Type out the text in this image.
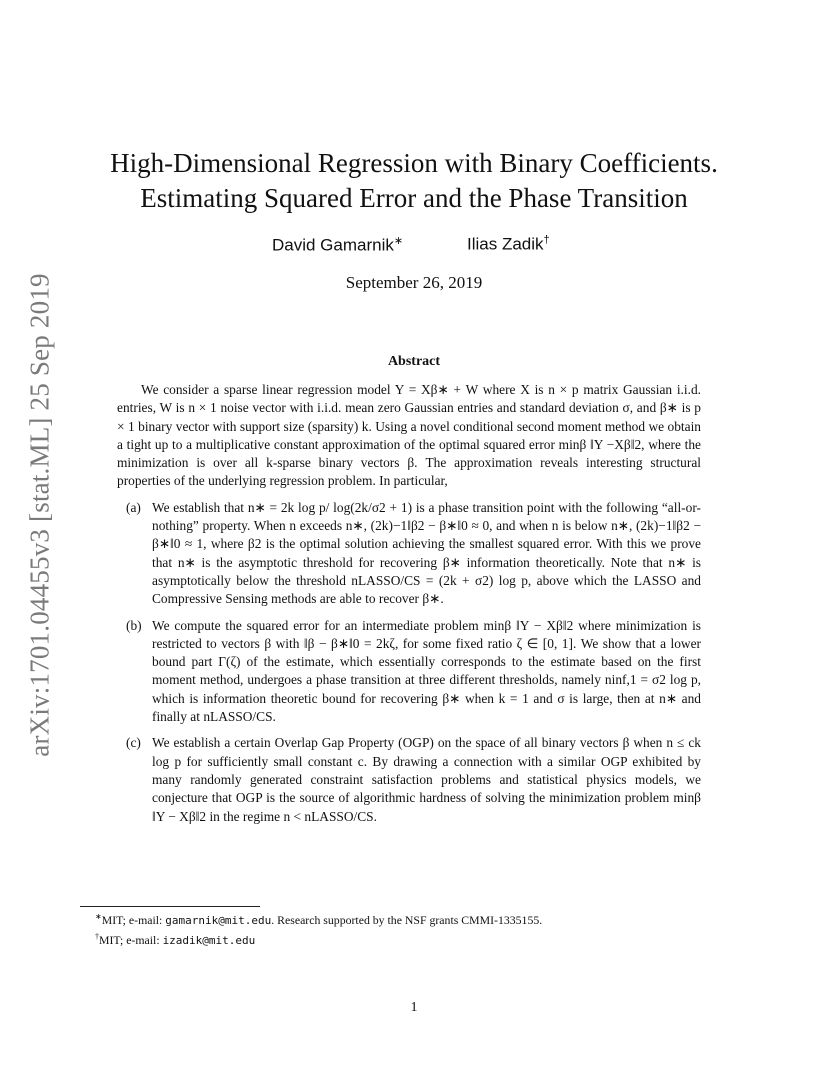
arXiv:1701.04455v3 [stat.ML] 25 Sep 2019
High-Dimensional Regression with Binary Coefficients.
Estimating Squared Error and the Phase Transition
David Gamarnik∗	Ilias Zadik†
September 26, 2019
Abstract

We consider a sparse linear regression model Y = Xβ∗ + W where X is n × p matrix Gaussian i.i.d. entries, W is n × 1 noise vector with i.i.d. mean zero Gaussian entries and standard deviation σ, and β∗ is p × 1 binary vector with support size (sparsity) k. Using a novel conditional second moment method we obtain a tight up to a multiplicative constant approximation of the optimal squared error minβ ‖Y −Xβ‖2, where the minimization is over all k-sparse binary vectors β. The approximation reveals interesting structural properties of the underlying regression problem. In particular,

(a) We establish that n∗ = 2k log p/ log(2k/σ2 + 1) is a phase transition point with the following “all-or-nothing” property. When n exceeds n∗, (2k)−1‖β2 − β∗‖0 ≈ 0, and when n is below n∗, (2k)−1‖β2 − β∗‖0 ≈ 1, where β2 is the optimal solution achieving the smallest squared error. With this we prove that n∗ is the asymptotic threshold for recovering β∗ information theoretically. Note that n∗ is asymptotically below the threshold nLASSO/CS = (2k + σ2) log p, above which the LASSO and Compressive Sensing methods are able to recover β∗.
(b) We compute the squared error for an intermediate problem minβ ‖Y − Xβ‖2 where minimization is restricted to vectors β with ‖β − β∗‖0 = 2kζ, for some fixed ratio ζ ∈ [0, 1]. We show that a lower bound part Γ(ζ) of the estimate, which essentially corresponds to the estimate based on the first moment method, undergoes a phase transition at three different thresholds, namely ninf,1 = σ2 log p, which is information theoretic bound for recovering β∗ when k = 1 and σ is large, then at n∗ and finally at nLASSO/CS.
(c) We establish a certain Overlap Gap Property (OGP) on the space of all binary vectors β when n ≤ ck log p for sufficiently small constant c. By drawing a connection with a similar OGP exhibited by many randomly generated constraint satisfaction problems and statistical physics models, we conjecture that OGP is the source of algorithmic hardness of solving the minimization problem minβ ‖Y − Xβ‖2 in the regime n < nLASSO/CS.

∗MIT; e-mail: gamarnik@mit.edu. Research supported by the NSF grants CMMI-1335155.

†MIT; e-mail: izadik@mit.edu

1
